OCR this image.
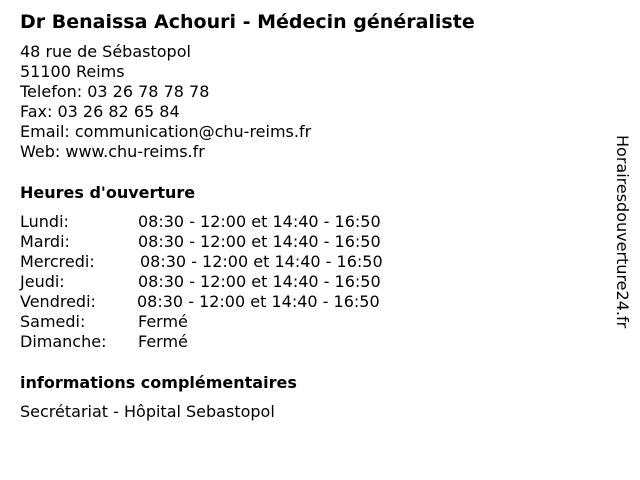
Dr Benaissa Achouri - Médecin généraliste
48 rue de Sébastopol
51100 Reims
Telefon: 03 26 78 78 78
Fax: 03 26 82 65 84
Email: communication@chu-reims.fr
Web: www.chu-reims.fr
Heures d'ouverture
Lundi:	08:30 - 12:00 et 14:40 - 16:50
Mardi:	08:30 - 12:00 et 14:40 - 16:50
Mercredi:	08:30 - 12:00 et 14:40 - 16:50
Jeudi:	08:30 - 12:00 et 14:40 - 16:50
Vendredi:	08:30 - 12:00 et 14:40 - 16:50
Samedi:	Fermé
Dimanche:	Fermé
informations complémentaires
Secrétariat - Hôpital Sebastopol
Horairesdouverture24.fr
